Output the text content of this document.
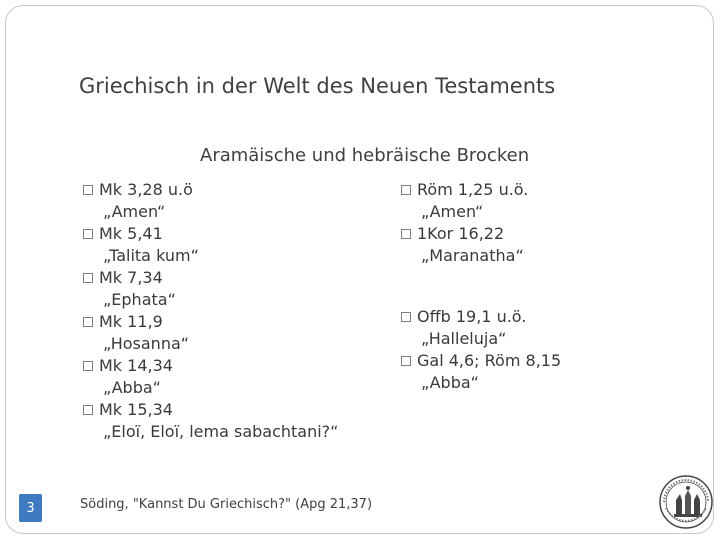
Griechisch in der Welt des Neuen Testaments
Aramäische und hebräische Brocken
Mk 3,28 u.ö
„Amen“
Mk 5,41
„Talita kum“
Mk 7,34
„Ephata“
Mk 11,9
„Hosanna“
Mk 14,34
„Abba“
Mk 15,34
„Eloï, Eloï, lema sabachtani?“
Röm 1,25 u.ö.
„Amen“
1Kor 16,22
„Maranatha“
Offb 19,1 u.ö.
„Halleluja“
Gal 4,6; Röm 8,15
„Abba“
3	Söding, "Kannst Du Griechisch?" (Apg 21,37)
